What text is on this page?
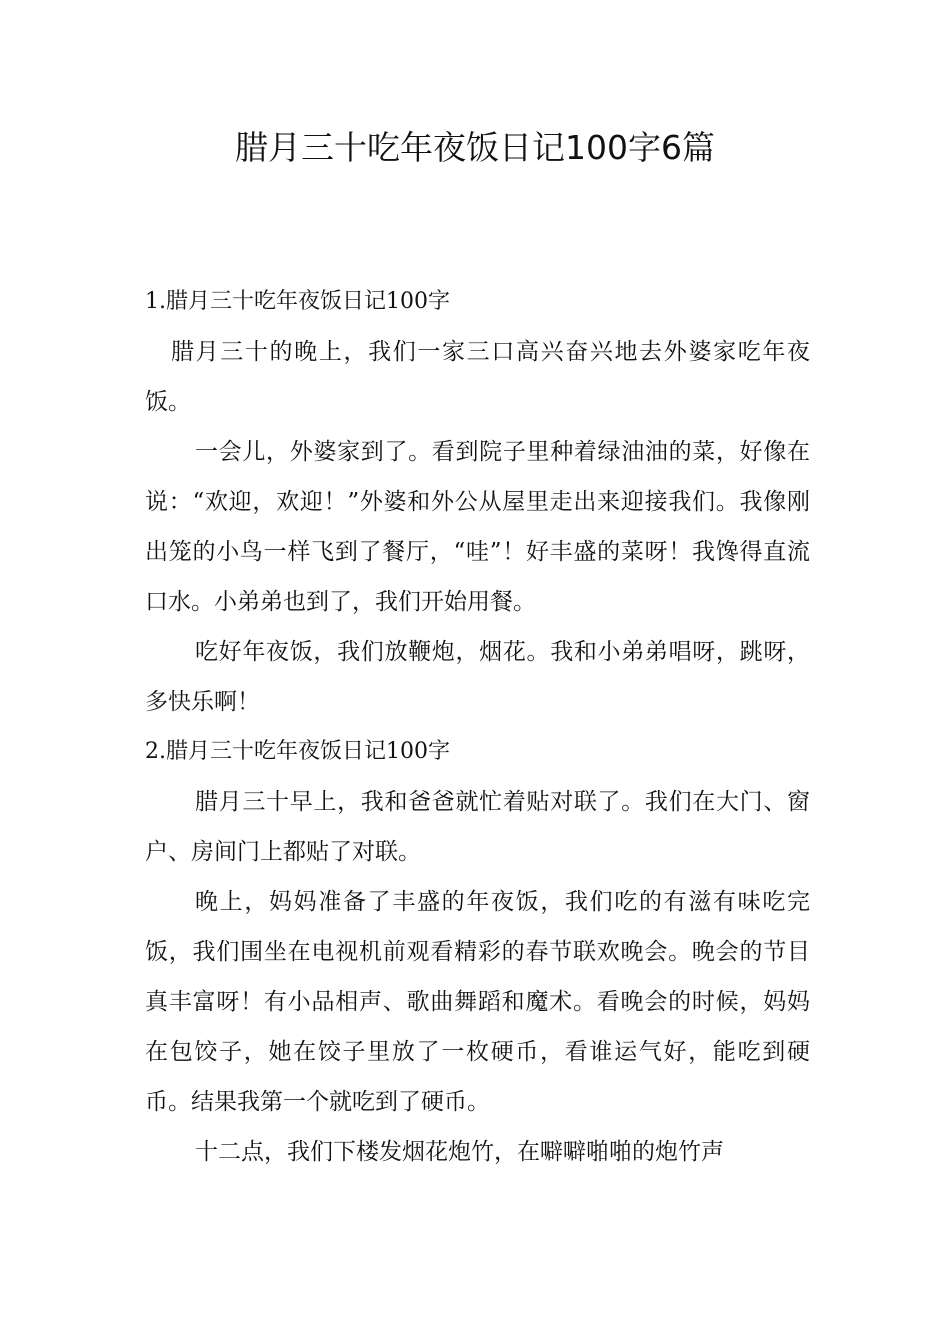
腊月三十吃年夜饭日记100字6篇

1.腊月三十吃年夜饭日记100字

腊月三十的晚上，我们一家三口高兴奋兴地去外婆家吃年夜饭。

一会儿，外婆家到了。看到院子里种着绿油油的菜，好像在说：“欢迎，欢迎！”外婆和外公从屋里走出来迎接我们。我像刚出笼的小鸟一样飞到了餐厅，“哇”！好丰盛的菜呀！我馋得直流口水。小弟弟也到了，我们开始用餐。

吃好年夜饭，我们放鞭炮，烟花。我和小弟弟唱呀，跳呀，多快乐啊！

2.腊月三十吃年夜饭日记100字

腊月三十早上，我和爸爸就忙着贴对联了。我们在大门、窗户、房间门上都贴了对联。

晚上，妈妈准备了丰盛的年夜饭，我们吃的有滋有味吃完饭，我们围坐在电视机前观看精彩的春节联欢晚会。晚会的节目真丰富呀！有小品相声、歌曲舞蹈和魔术。看晚会的时候，妈妈在包饺子，她在饺子里放了一枚硬币，看谁运气好，能吃到硬币。结果我第一个就吃到了硬币。

十二点，我们下楼发烟花炮竹，在噼噼啪啪的炮竹声
